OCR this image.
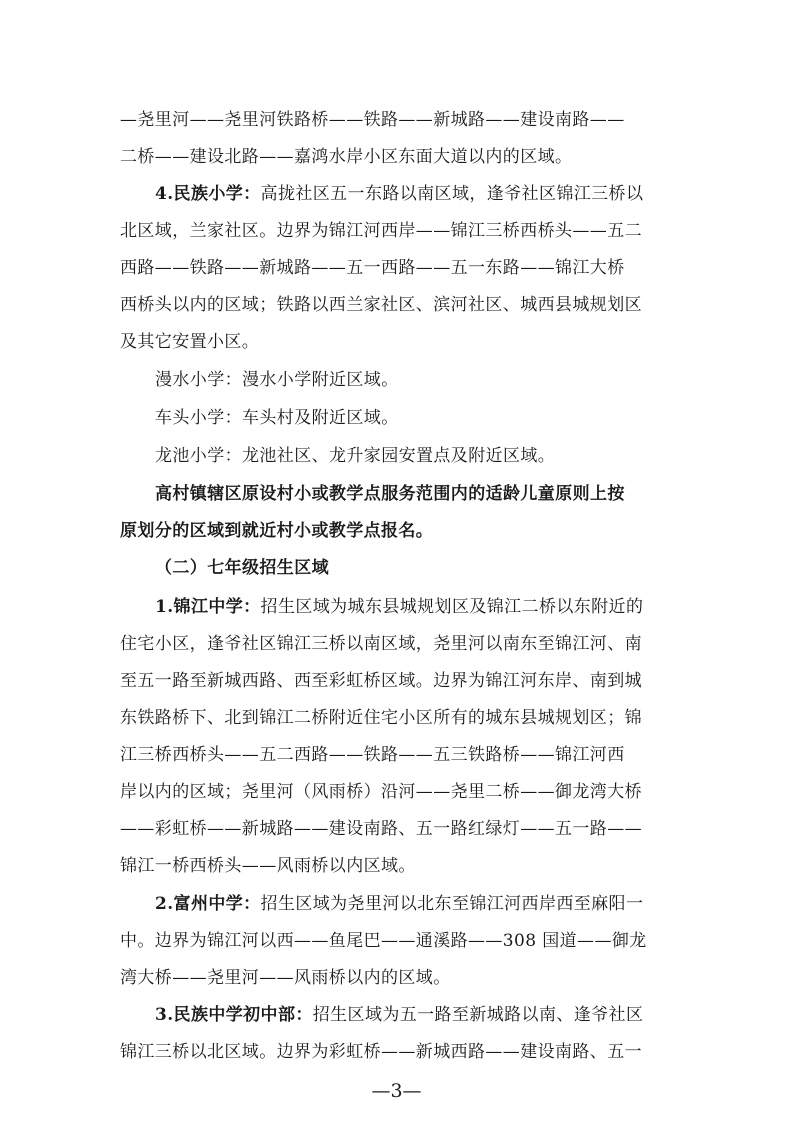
—尧里河——尧里河铁路桥——铁路——新城路——建设南路——
二桥——建设北路——嘉鸿水岸小区东面大道以内的区域。
4.民族小学：高拢社区五一东路以南区域，逢爷社区锦江三桥以
北区域，兰家社区。边界为锦江河西岸——锦江三桥西桥头——五二
西路——铁路——新城路——五一西路——五一东路——锦江大桥
西桥头以内的区域；铁路以西兰家社区、滨河社区、城西县城规划区
及其它安置小区。
漫水小学：漫水小学附近区域。
车头小学：车头村及附近区域。
龙池小学：龙池社区、龙升家园安置点及附近区域。
高村镇辖区原设村小或教学点服务范围内的适龄儿童原则上按
原划分的区域到就近村小或教学点报名。
（二）七年级招生区域
1.锦江中学：招生区域为城东县城规划区及锦江二桥以东附近的
住宅小区，逢爷社区锦江三桥以南区域，尧里河以南东至锦江河、南
至五一路至新城西路、西至彩虹桥区域。边界为锦江河东岸、南到城
东铁路桥下、北到锦江二桥附近住宅小区所有的城东县城规划区；锦
江三桥西桥头——五二西路——铁路——五三铁路桥——锦江河西
岸以内的区域；尧里河（风雨桥）沿河——尧里二桥——御龙湾大桥
——彩虹桥——新城路——建设南路、五一路红绿灯——五一路——
锦江一桥西桥头——风雨桥以内区域。
2.富州中学：招生区域为尧里河以北东至锦江河西岸西至麻阳一
中。边界为锦江河以西——鱼尾巴——通溪路——308 国道——御龙
湾大桥——尧里河——风雨桥以内的区域。
3.民族中学初中部：招生区域为五一路至新城路以南、逢爷社区
锦江三桥以北区域。边界为彩虹桥——新城西路——建设南路、五一
—3—
